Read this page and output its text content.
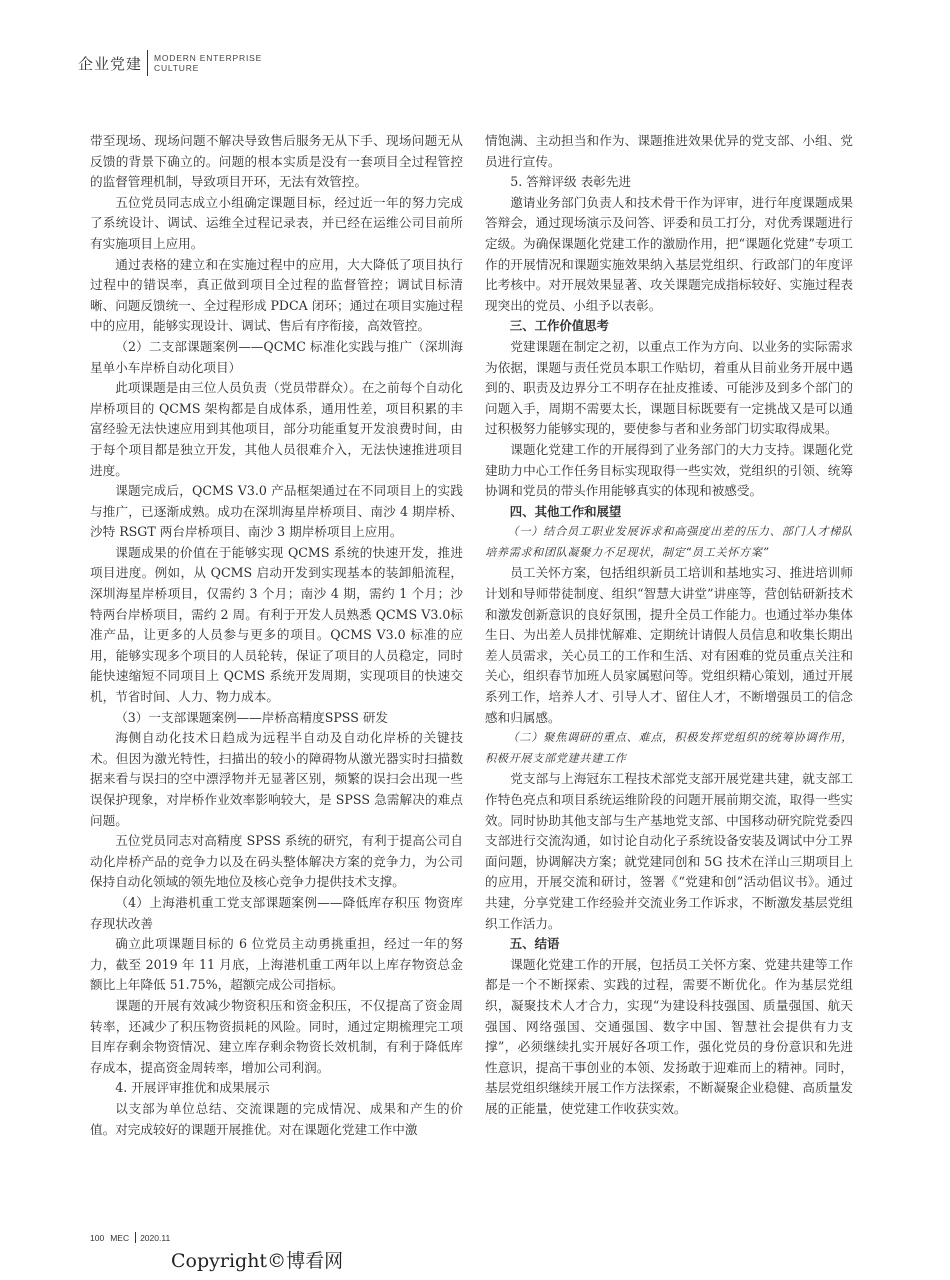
企业党建 MODERN ENTERPRISE
CULTURE

带至现场、现场问题不解决导致售后服务无从下手、现场问题无从反馈的背景下确立的。问题的根本实质是没有一套项目全过程管控的监督管理机制，导致项目开环，无法有效管控。

五位党员同志成立小组确定课题目标，经过近一年的努力完成了系统设计、调试、运维全过程记录表，并已经在运维公司目前所有实施项目上应用。

通过表格的建立和在实施过程中的应用，大大降低了项目执行过程中的错误率，真正做到项目全过程的监督管控；调试目标清晰、问题反馈统一、全过程形成 PDCA 闭环；通过在项目实施过程中的应用，能够实现设计、调试、售后有序衔接，高效管控。

（2）二支部课题案例——QCMC 标准化实践与推广（深圳海星单小车岸桥自动化项目）

此项课题是由三位人员负责（党员带群众）。在之前每个自动化岸桥项目的 QCMS 架构都是自成体系，通用性差，项目积累的丰富经验无法快速应用到其他项目，部分功能重复开发浪费时间，由于每个项目都是独立开发，其他人员很难介入，无法快速推进项目进度。

课题完成后，QCMS V3.0 产品框架通过在不同项目上的实践与推广，已逐渐成熟。成功在深圳海星岸桥项目、南沙 4 期岸桥、沙特 RSGT 两台岸桥项目、南沙 3 期岸桥项目上应用。

课题成果的价值在于能够实现 QCMS 系统的快速开发，推进项目进度。例如，从 QCMS 启动开发到实现基本的装卸船流程，深圳海星岸桥项目，仅需约 3 个月；南沙 4 期，需约 1 个月；沙特两台岸桥项目，需约 2 周。有利于开发人员熟悉 QCMS V3.0标准产品，让更多的人员参与更多的项目。QCMS V3.0 标准的应用，能够实现多个项目的人员轮转，保证了项目的人员稳定，同时能快速缩短不同项目上 QCMS 系统开发周期，实现项目的快速交机，节省时间、人力、物力成本。

（3）一支部课题案例——岸桥高精度SPSS 研发

海侧自动化技术日趋成为远程半自动及自动化岸桥的关键技术。但因为激光特性，扫描出的较小的障碍物从激光器实时扫描数据来看与误扫的空中漂浮物并无显著区别，频繁的误扫会出现一些误保护现象，对岸桥作业效率影响较大，是 SPSS 急需解决的难点问题。

五位党员同志对高精度 SPSS 系统的研究，有利于提高公司自动化岸桥产品的竞争力以及在码头整体解决方案的竞争力，为公司保持自动化领域的领先地位及核心竞争力提供技术支撑。

（4）上海港机重工党支部课题案例——降低库存积压 物资库存现状改善

确立此项课题目标的 6 位党员主动勇挑重担，经过一年的努力，截至 2019 年 11 月底，上海港机重工两年以上库存物资总金额比上年降低 51.75%，超额完成公司指标。

课题的开展有效减少物资积压和资金积压，不仅提高了资金周转率，还减少了积压物资损耗的风险。同时，通过定期梳理完工项目库存剩余物资情况、建立库存剩余物资长效机制，有利于降低库存成本，提高资金周转率，增加公司利润。

4. 开展评审推优和成果展示

以支部为单位总结、交流课题的完成情况、成果和产生的价值。对完成较好的课题开展推优。对在课题化党建工作中激

情饱满、主动担当和作为、课题推进效果优异的党支部、小组、党员进行宣传。

5. 答辩评级 表彰先进

邀请业务部门负责人和技术骨干作为评审，进行年度课题成果答辩会，通过现场演示及问答、评委和员工打分，对优秀课题进行定级。为确保课题化党建工作的激励作用，把“课题化党建”专项工作的开展情况和课题实施效果纳入基层党组织、行政部门的年度评比考核中。对开展效果显著、攻关课题完成指标较好、实施过程表现突出的党员、小组予以表彰。

三、工作价值思考

党建课题在制定之初，以重点工作为方向、以业务的实际需求为依据，课题与责任党员本职工作贴切，着重从目前业务开展中遇到的、职责及边界分工不明存在扯皮推诿、可能涉及到多个部门的问题入手，周期不需要太长，课题目标既要有一定挑战又是可以通过积极努力能够实现的，要使参与者和业务部门切实取得成果。

课题化党建工作的开展得到了业务部门的大力支持。课题化党建助力中心工作任务目标实现取得一些实效，党组织的引领、统筹协调和党员的带头作用能够真实的体现和被感受。

四、其他工作和展望

（一）结合员工职业发展诉求和高强度出差的压力、部门人才梯队培养需求和团队凝聚力不足现状，制定“员工关怀方案”

员工关怀方案，包括组织新员工培训和基地实习、推进培训师计划和导师带徒制度、组织“智慧大讲堂”讲座等，营创钻研新技术和激发创新意识的良好氛围，提升全员工作能力。也通过举办集体生日、为出差人员排忧解难、定期统计请假人员信息和收集长期出差人员需求，关心员工的工作和生活、对有困难的党员重点关注和关心，组织春节加班人员家属慰问等。党组织精心策划，通过开展系列工作，培养人才、引导人才、留住人才，不断增强员工的信念感和归属感。

（二）聚焦调研的重点、难点，积极发挥党组织的统筹协调作用，积极开展支部党建共建工作

党支部与上海冠东工程技术部党支部开展党建共建，就支部工作特色亮点和项目系统运维阶段的问题开展前期交流，取得一些实效。同时协助其他支部与生产基地党支部、中国移动研究院党委四支部进行交流沟通，如讨论自动化子系统设备安装及调试中分工界面问题，协调解决方案；就党建同创和 5G 技术在洋山三期项目上的应用，开展交流和研讨，签署《“党建和创”活动倡议书》。通过共建，分享党建工作经验并交流业务工作诉求，不断激发基层党组织工作活力。

五、结语

课题化党建工作的开展，包括员工关怀方案、党建共建等工作都是一个不断探索、实践的过程，需要不断优化。作为基层党组织，凝聚技术人才合力，实现“为建设科技强国、质量强国、航天强国、网络强国、交通强国、数字中国、智慧社会提供有力支撑”，必须继续扎实开展好各项工作，强化党员的身份意识和先进性意识，提高干事创业的本领、发扬敢于迎难而上的精神。同时，基层党组织继续开展工作方法探索，不断凝聚企业稳健、高质量发展的正能量，使党建工作收获实效。

100 MEC 2020.11
Copyright©博看网
